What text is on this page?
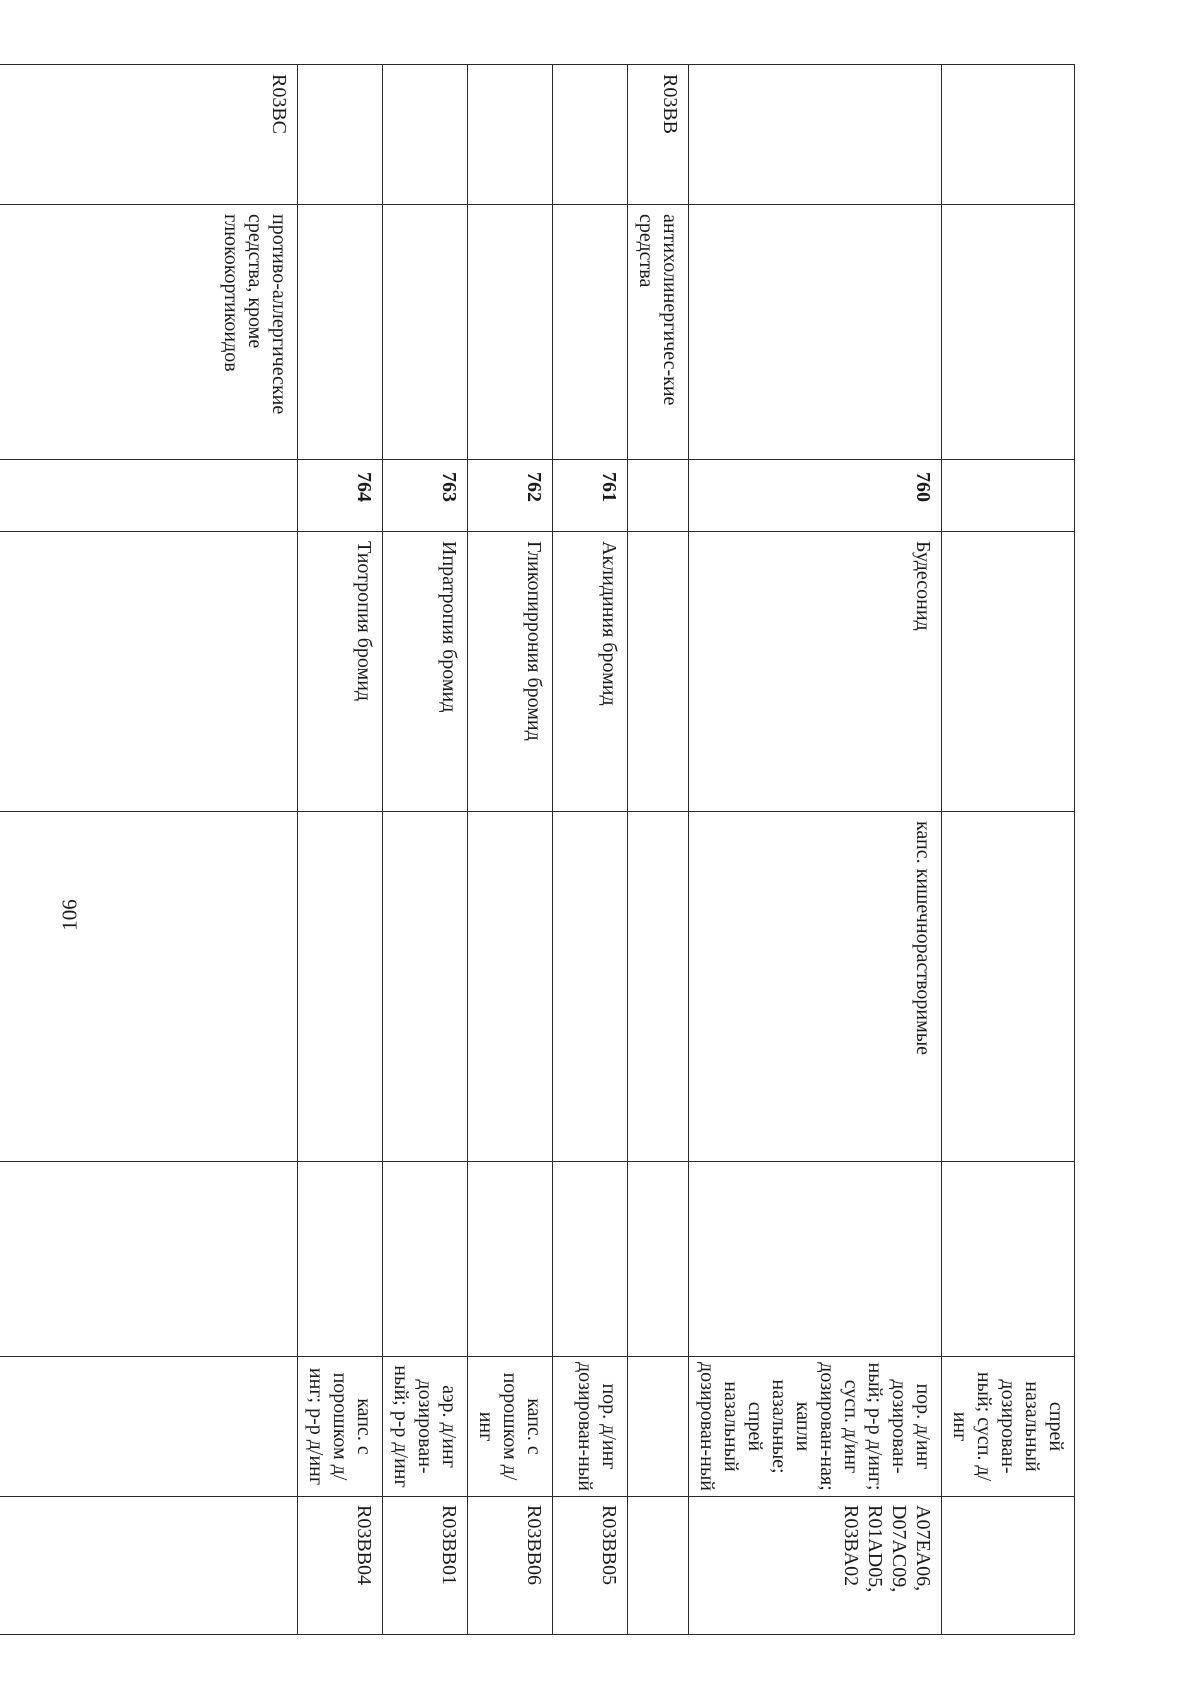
106
						спрей назальный дозирован-ный; сусп. д/инг	
		760	Будесонид	капс. кишечнорастворимые		пор. д/инг дозирован-ный; р-р д/инг; сусп. д/инг дозирован-ная; капли назальные; спрей назальный дозирован-ный	A07EA06, D07AC09, R01AD05, R03BA02
R03BB	антихолинергичес-кие средства						
		761	Аклидиния бромид			пор. д/инг дозирован-ный	R03BB05
		762	Гликопиррония бромид			капс. с порошком д/инг	R03BB06
		763	Ипратропия бромид			аэр. д/инг дозирован-ный; р-р д/инг	R03BB01
		764	Тиотропия бромид			капс. с порошком д/инг; р-р д/инг	R03BB04
R03BC	противо-аллергические средства, кроме глюкокортикоидов						
